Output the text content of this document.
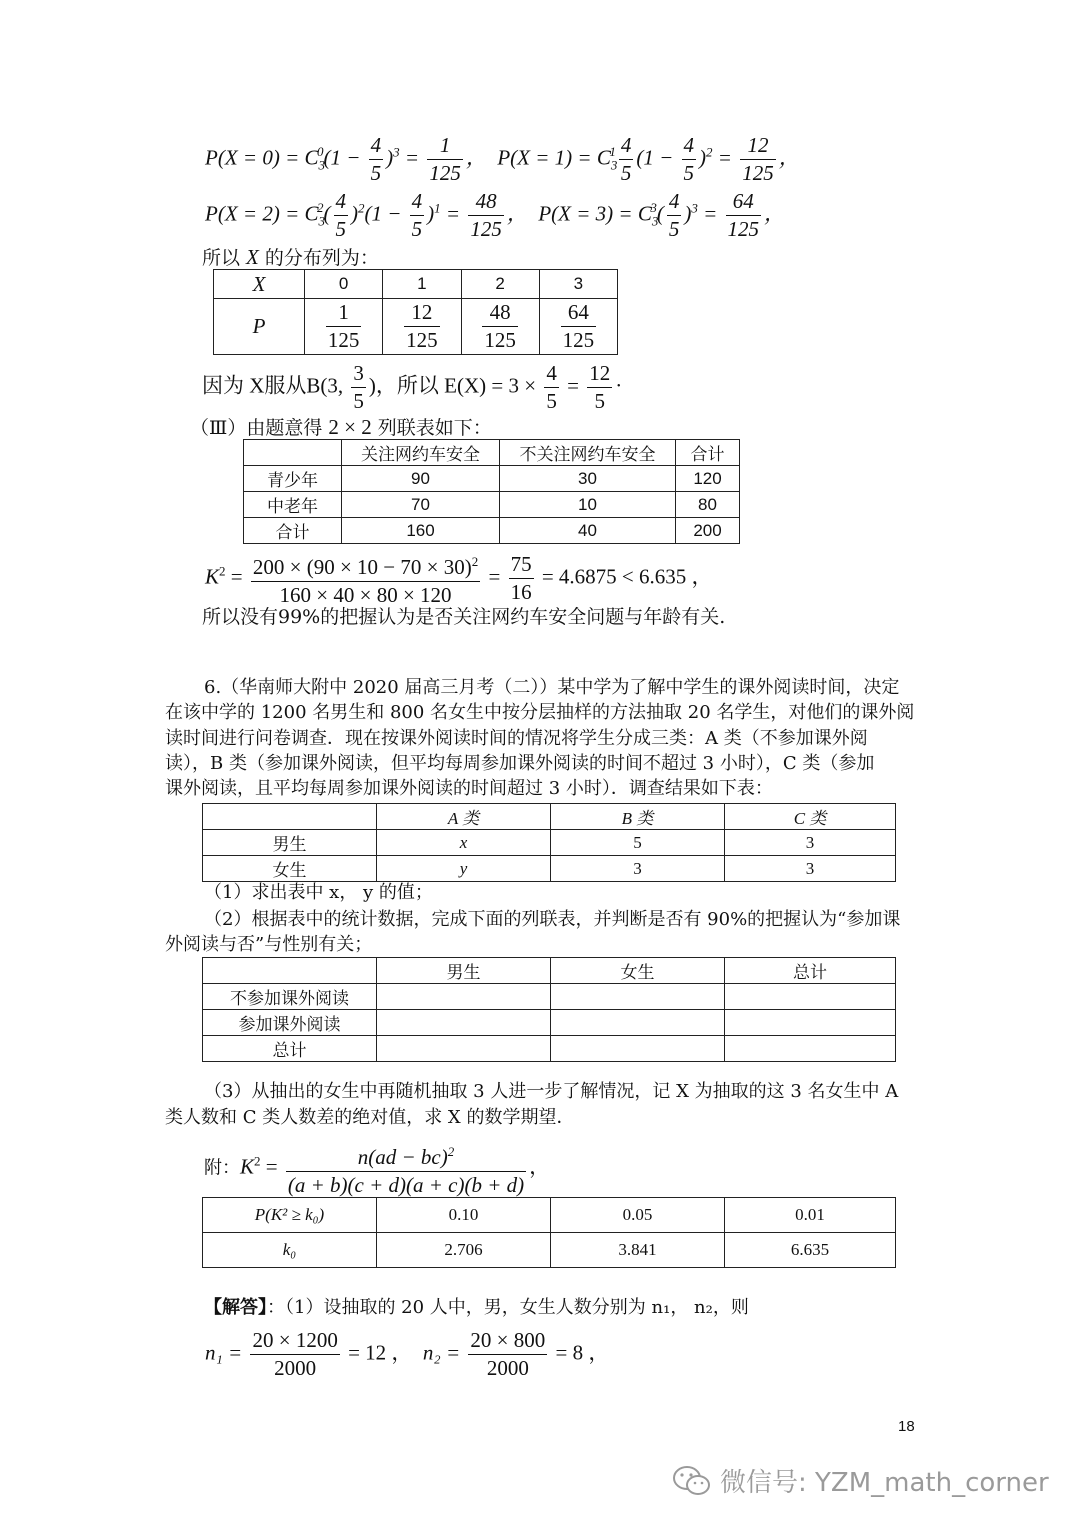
$P(X = 0) = C_3^0(1 - \frac{4}{5} )^3 = \frac{1}{125}$ ， $P(X = 1) = C_3^1 \frac{4}{5} (1 - \frac{4}{5} )^2 = \frac{12}{125}$ ，
$P(X = 2) = C_3^2( \frac{4}{5} )^2(1 - \frac{4}{5} )^1 = \frac{48}{125}$ ， $P(X = 3) = C_3^3( \frac{4}{5} )^3 = \frac{64}{125}$ ，
所以 X 的分布列为：
X	0	1	2	3
P	$\frac{1}{125}$	$\frac{12}{125}$	$\frac{48}{125}$	$\frac{64}{125}$
因为 X服从B(3, $\frac{3}{5}$ )，所以 $E(X) = 3 \times \frac{4}{5} = \frac{12}{5}$ ·
（Ⅲ）由题意得 2 × 2 列联表如下：
	关注网约车安全	不关注网约车安全	合计
青少年	90	30	120
中老年	70	10	80
合计	160	40	200
$K^2 = \frac{200 \times (90 \times 10 - 70 \times 30)^2}{160 \times 40 \times 80 \times 120} = \frac{75}{16} = 4.6875 < 6.635$ ，
所以没有99%的把握认为是否关注网约车安全问题与年龄有关.
6.（华南师大附中 2020 届高三月考（二））某中学为了解中学生的课外阅读时间，决定
在该中学的 1200 名男生和 800 名女生中按分层抽样的方法抽取 20 名学生，对他们的课外阅
读时间进行问卷调查．现在按课外阅读时间的情况将学生分成三类：A 类（不参加课外阅
读），B 类（参加课外阅读，但平均每周参加课外阅读的时间不超过 3 小时），C 类（参加
课外阅读，且平均每周参加课外阅读的时间超过 3 小时）．调查结果如下表：
	A 类	B 类	C 类
男生	x	5	3
女生	y	3	3
（1）求出表中 x， y 的值；
（2）根据表中的统计数据，完成下面的列联表，并判断是否有 90%的把握认为“参加课
外阅读与否”与性别有关；
	男生	女生	总计
不参加课外阅读			
参加课外阅读			
总计			
（3）从抽出的女生中再随机抽取 3 人进一步了解情况，记 X 为抽取的这 3 名女生中 A
类人数和 C 类人数差的绝对值，求 X 的数学期望．
附：$K^2 = \frac{n(ad - bc)^2}{(a + b)(c + d)(a + c)(b + d)}$ ，
P(K² ≥ k₀)	0.10	0.05	0.01
k₀	2.706	3.841	6.635
【解答】：（1）设抽取的 20 人中，男，女生人数分别为 n₁， n₂，则
$n_1 = \frac{20 \times 1200}{2000} = 12$ ， $n_2 = \frac{20 \times 800}{2000} = 8$ ，
18
微信号: YZM_math_corner
